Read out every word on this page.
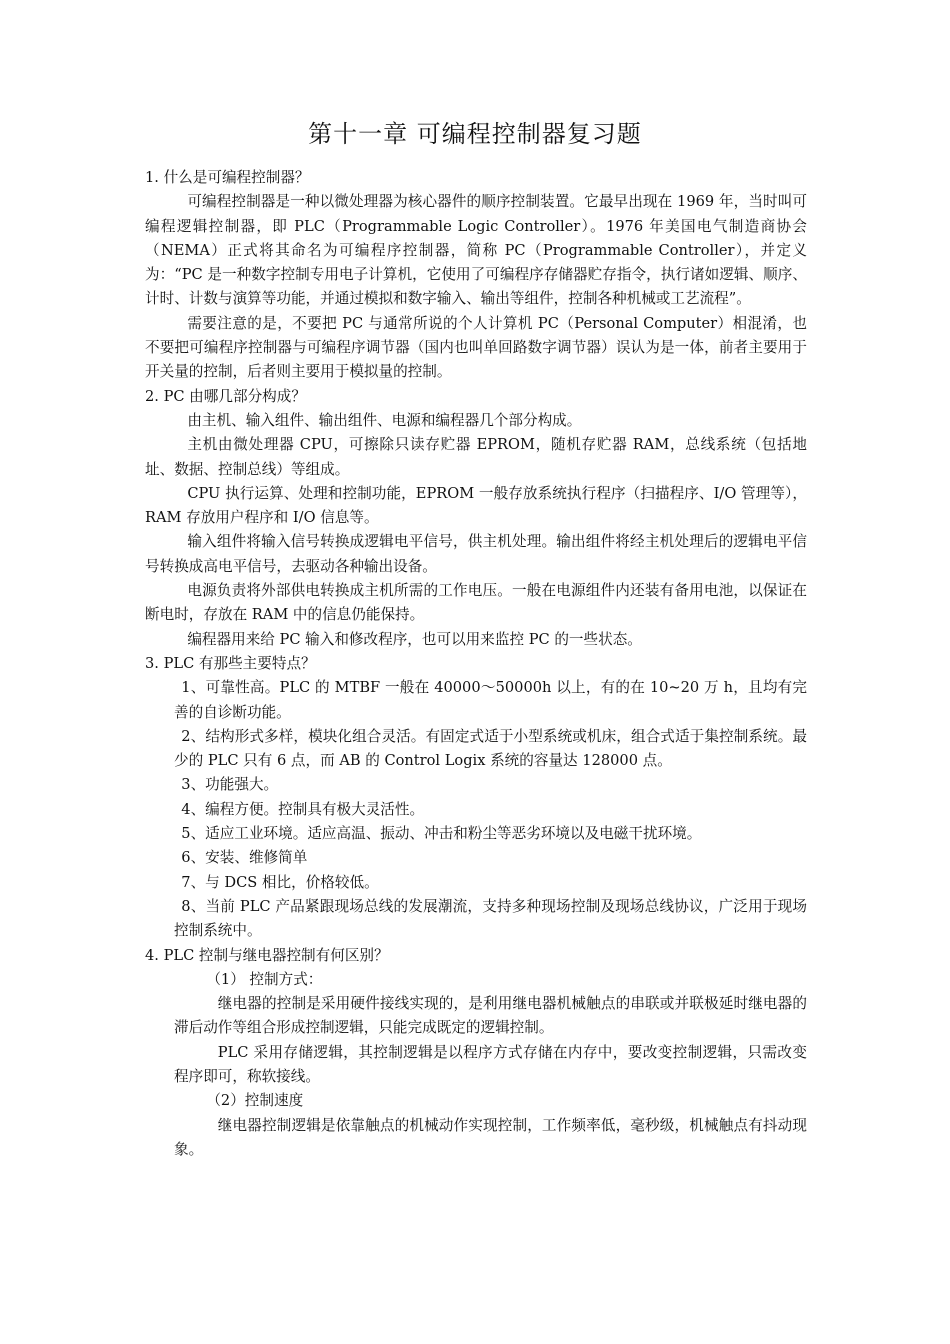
第十一章 可编程控制器复习题

1. 什么是可编程控制器？

可编程控制器是一种以微处理器为核心器件的顺序控制装置。它最早出现在 1969 年，当时叫可编程逻辑控制器，即 PLC（Programmable Logic Controller）。1976 年美国电气制造商协会（NEMA）正式将其命名为可编程序控制器，简称 PC（Programmable Controller），并定义为：“PC 是一种数字控制专用电子计算机，它使用了可编程序存储器贮存指令，执行诸如逻辑、顺序、计时、计数与演算等功能，并通过模拟和数字输入、输出等组件，控制各种机械或工艺流程”。

需要注意的是，不要把 PC 与通常所说的个人计算机 PC（Personal Computer）相混淆，也不要把可编程序控制器与可编程序调节器（国内也叫单回路数字调节器）误认为是一体，前者主要用于开关量的控制，后者则主要用于模拟量的控制。

2. PC 由哪几部分构成？

由主机、输入组件、输出组件、电源和编程器几个部分构成。

主机由微处理器 CPU，可擦除只读存贮器 EPROM，随机存贮器 RAM，总线系统（包括地址、数据、控制总线）等组成。

CPU 执行运算、处理和控制功能，EPROM 一般存放系统执行程序（扫描程序、I/O 管理等），RAM 存放用户程序和 I/O 信息等。

输入组件将输入信号转换成逻辑电平信号，供主机处理。输出组件将经主机处理后的逻辑电平信号转换成高电平信号，去驱动各种输出设备。

电源负责将外部供电转换成主机所需的工作电压。一般在电源组件内还装有备用电池，以保证在断电时，存放在 RAM 中的信息仍能保持。

编程器用来给 PC 输入和修改程序，也可以用来监控 PC 的一些状态。

3. PLC 有那些主要特点？

1、可靠性高。PLC 的 MTBF 一般在 40000～50000h 以上，有的在 10~20 万 h，且均有完善的自诊断功能。

2、结构形式多样，模块化组合灵活。有固定式适于小型系统或机床，组合式适于集控制系统。最少的 PLC 只有 6 点，而 AB 的 Control Logix 系统的容量达 128000 点。

3、功能强大。

4、编程方便。控制具有极大灵活性。

5、适应工业环境。适应高温、振动、冲击和粉尘等恶劣环境以及电磁干扰环境。

6、安装、维修简单

7、与 DCS 相比，价格较低。

8、当前 PLC 产品紧跟现场总线的发展潮流，支持多种现场控制及现场总线协议，广泛用于现场控制系统中。

4. PLC 控制与继电器控制有何区别？

（1） 控制方式：

继电器的控制是采用硬件接线实现的，是利用继电器机械触点的串联或并联极延时继电器的滞后动作等组合形成控制逻辑，只能完成既定的逻辑控制。

PLC 采用存储逻辑，其控制逻辑是以程序方式存储在内存中，要改变控制逻辑，只需改变程序即可，称软接线。

（2）控制速度

继电器控制逻辑是依靠触点的机械动作实现控制，工作频率低，毫秒级，机械触点有抖动现象。
